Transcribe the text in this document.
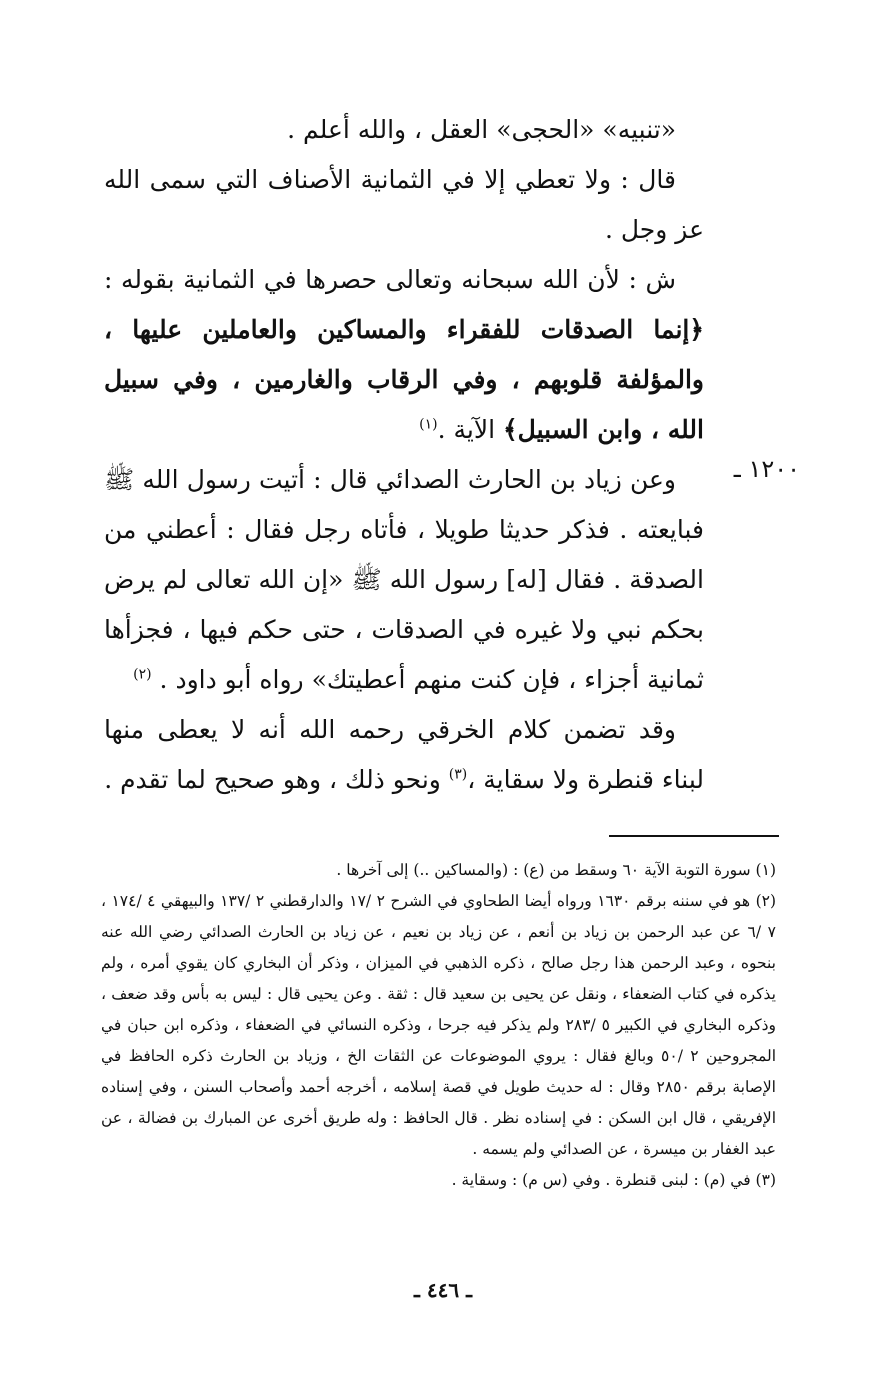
«تنبيه» «الحجى» العقل ، والله أعلم .

قال : ولا تعطي إلا في الثمانية الأصناف التي سمى الله عز وجل .

ش : لأن الله سبحانه وتعالى حصرها في الثمانية بقوله : ﴿إنما الصدقات للفقراء والمساكين والعاملين عليها ، والمؤلفة قلوبهم ، وفي الرقاب والغارمين ، وفي سبيل الله ، وابن السبيل﴾ الآية .$^{(١)}$

وعن زياد بن الحارث الصدائي قال : أتيت رسول الله ﷺ فبايعته . فذكر حديثا طويلا ، فأتاه رجل فقال : أعطني من الصدقة . فقال [له] رسول الله ﷺ «إن الله تعالى لم يرض بحكم نبي ولا غيره في الصدقات ، حتى حكم فيها ، فجزأها ثمانية أجزاء ، فإن كنت منهم أعطيتك» رواه أبو داود . $^{(٢)}$

وقد تضمن كلام الخرقي رحمه الله أنه لا يعطى منها لبناء قنطرة ولا سقاية ،$^{(٣)}$ ونحو ذلك ، وهو صحيح لما تقدم .

١٢٠٠ ـ

(١) سورة التوبة الآية ٦٠ وسقط من (ع) : (والمساكين ..) إلى آخرها .

(٢) هو في سننه برقم ١٦٣٠ ورواه أيضا الطحاوي في الشرح ٢ /١٧ والدارقطني ٢ /١٣٧ والبيهقي ٤ /١٧٤ ، ٧ /٦ عن عبد الرحمن بن زياد بن أنعم ، عن زياد بن نعيم ، عن زياد بن الحارث الصدائي رضي الله عنه بنحوه ، وعبد الرحمن هذا رجل صالح ، ذكره الذهبي في الميزان ، وذكر أن البخاري كان يقوي أمره ، ولم يذكره في كتاب الضعفاء ، ونقل عن يحيى بن سعيد قال : ثقة . وعن يحيى قال : ليس به بأس وقد ضعف ، وذكره البخاري في الكبير ٥ /٢٨٣ ولم يذكر فيه جرحا ، وذكره النسائي في الضعفاء ، وذكره ابن حبان في المجروحين ٢ /٥٠ وبالغ فقال : يروي الموضوعات عن الثقات الخ ، وزياد بن الحارث ذكره الحافظ في الإصابة برقم ٢٨٥٠ وقال : له حديث طويل في قصة إسلامه ، أخرجه أحمد وأصحاب السنن ، وفي إسناده الإفريقي ، قال ابن السكن : في إسناده نظر . قال الحافظ : وله طريق أخرى عن المبارك بن فضالة ، عن عبد الغفار بن ميسرة ، عن الصدائي ولم يسمه .

(٣) في (م) : لبنى قنطرة . وفي (س م) : وسقاية .

ـ ٤٤٦ ـ
